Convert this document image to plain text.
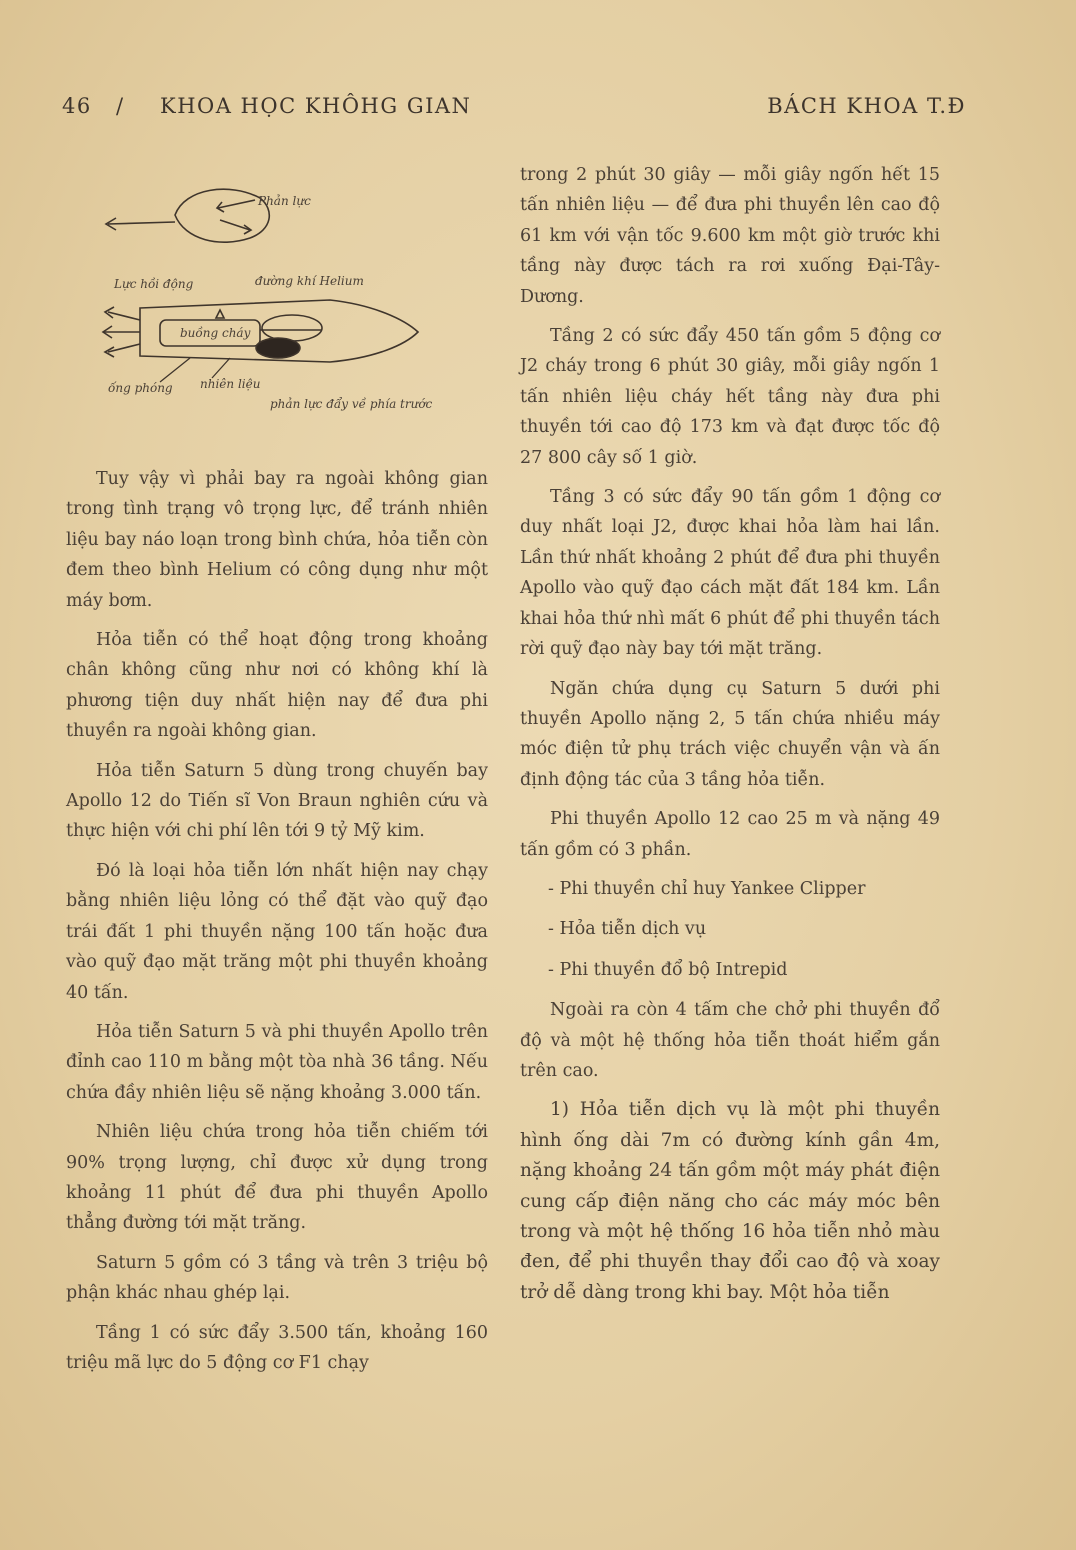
46 / KHOA HỌC KHÔHG GIAN	BÁCH KHOA T.Đ
Phản lực
Lực hồi động	đường khí Helium
buồng cháy
ống phóng nhiên liệu
phản lực đẩy về phía trước

Tuy vậy vì phải bay ra ngoài không gian trong tình trạng vô trọng lực, để tránh nhiên liệu bay náo loạn trong bình chứa, hỏa tiễn còn đem theo bình Helium có công dụng như một máy bơm.

Hỏa tiễn có thể hoạt động trong khoảng chân không cũng như nơi có không khí là phương tiện duy nhất hiện nay để đưa phi thuyền ra ngoài không gian.

Hỏa tiễn Saturn 5 dùng trong chuyến bay Apollo 12 do Tiến sĩ Von Braun nghiên cứu và thực hiện với chi phí lên tới 9 tỷ Mỹ kim.

Đó là loại hỏa tiễn lớn nhất hiện nay chạy bằng nhiên liệu lỏng có thể đặt vào quỹ đạo trái đất 1 phi thuyền nặng 100 tấn hoặc đưa vào quỹ đạo mặt trăng một phi thuyền khoảng 40 tấn.

Hỏa tiễn Saturn 5 và phi thuyền Apollo trên đỉnh cao 110 m bằng một tòa nhà 36 tầng. Nếu chứa đầy nhiên liệu sẽ nặng khoảng 3.000 tấn.

Nhiên liệu chứa trong hỏa tiễn chiếm tới 90% trọng lượng, chỉ được xử dụng trong khoảng 11 phút để đưa phi thuyền Apollo thẳng đường tới mặt trăng.

Saturn 5 gồm có 3 tầng và trên 3 triệu bộ phận khác nhau ghép lại.

Tầng 1 có sức đẩy 3.500 tấn, khoảng 160 triệu mã lực do 5 động cơ F1 chạy

trong 2 phút 30 giây — mỗi giây ngốn hết 15 tấn nhiên liệu — để đưa phi thuyền lên cao độ 61 km với vận tốc 9.600 km một giờ trước khi tầng này được tách ra rơi xuống Đại-Tây-Dương.

Tầng 2 có sức đẩy 450 tấn gồm 5 động cơ J2 cháy trong 6 phút 30 giây, mỗi giây ngốn 1 tấn nhiên liệu cháy hết tầng này đưa phi thuyền tới cao độ 173 km và đạt được tốc độ 27 800 cây số 1 giờ.

Tầng 3 có sức đẩy 90 tấn gồm 1 động cơ duy nhất loại J2, được khai hỏa làm hai lần. Lần thứ nhất khoảng 2 phút để đưa phi thuyền Apollo vào quỹ đạo cách mặt đất 184 km. Lần khai hỏa thứ nhì mất 6 phút để phi thuyền tách rời quỹ đạo này bay tới mặt trăng.

Ngăn chứa dụng cụ Saturn 5 dưới phi thuyền Apollo nặng 2, 5 tấn chứa nhiều máy móc điện tử phụ trách việc chuyển vận và ấn định động tác của 3 tầng hỏa tiễn.

Phi thuyền Apollo 12 cao 25 m và nặng 49 tấn gồm có 3 phần.

- Phi thuyền chỉ huy Yankee Clipper

- Hỏa tiễn dịch vụ

- Phi thuyền đổ bộ Intrepid

Ngoài ra còn 4 tấm che chở phi thuyền đổ độ và một hệ thống hỏa tiễn thoát hiểm gắn trên cao.

1) Hỏa tiễn dịch vụ là một phi thuyền hình ống dài 7m có đường kính gần 4m, nặng khoảng 24 tấn gồm một máy phát điện cung cấp điện năng cho các máy móc bên trong và một hệ thống 16 hỏa tiễn nhỏ màu đen, để phi thuyền thay đổi cao độ và xoay trở dễ dàng trong khi bay. Một hỏa tiễn
